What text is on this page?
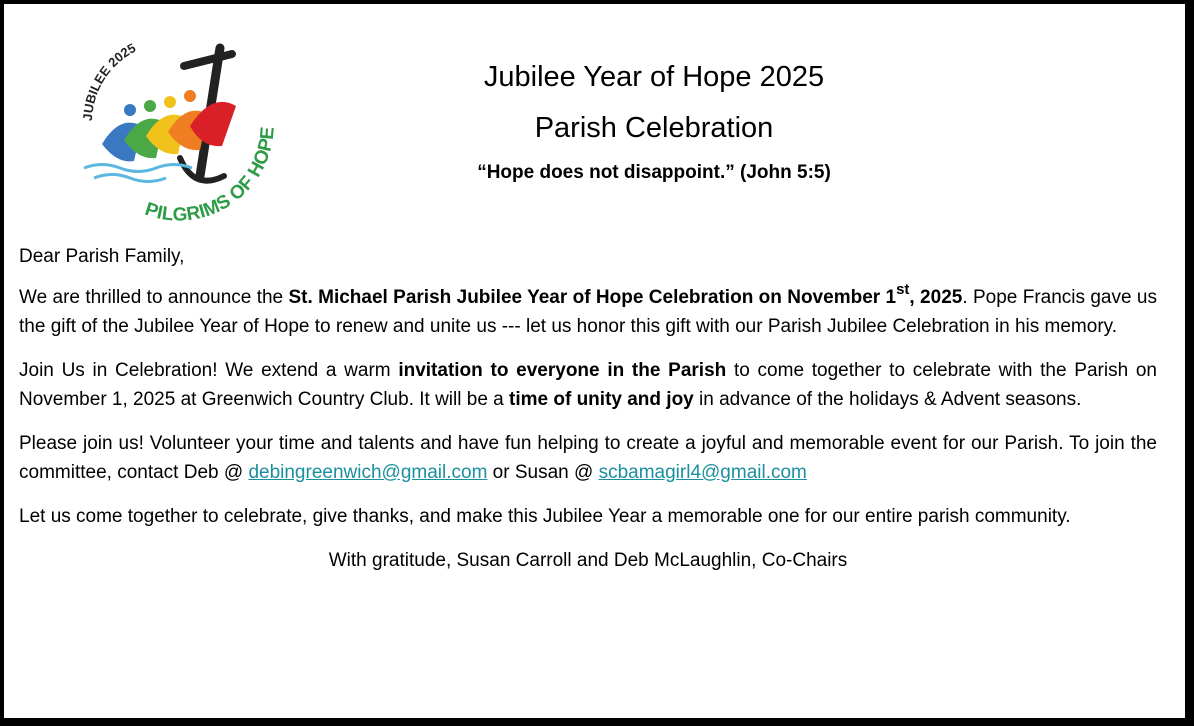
JUBILEE 2025
PILGRIMS OF HOPE
Jubilee Year of Hope 2025
Parish Celebration
“Hope does not disappoint.” (John 5:5)

Dear Parish Family,

We are thrilled to announce the St. Michael Parish Jubilee Year of Hope Celebration on November 1st, 2025. Pope Francis gave us the gift of the Jubilee Year of Hope to renew and unite us --- let us honor this gift with our Parish Jubilee Celebration in his memory.

Join Us in Celebration! We extend a warm invitation to everyone in the Parish to come together to celebrate with the Parish on November 1, 2025 at Greenwich Country Club. It will be a time of unity and joy in advance of the holidays & Advent seasons.

Please join us! Volunteer your time and talents and have fun helping to create a joyful and memorable event for our Parish. To join the committee, contact Deb @ debingreenwich@gmail.com or Susan @ scbamagirl4@gmail.com

Let us come together to celebrate, give thanks, and make this Jubilee Year a memorable one for our entire parish community.

With gratitude, Susan Carroll and Deb McLaughlin, Co-Chairs
